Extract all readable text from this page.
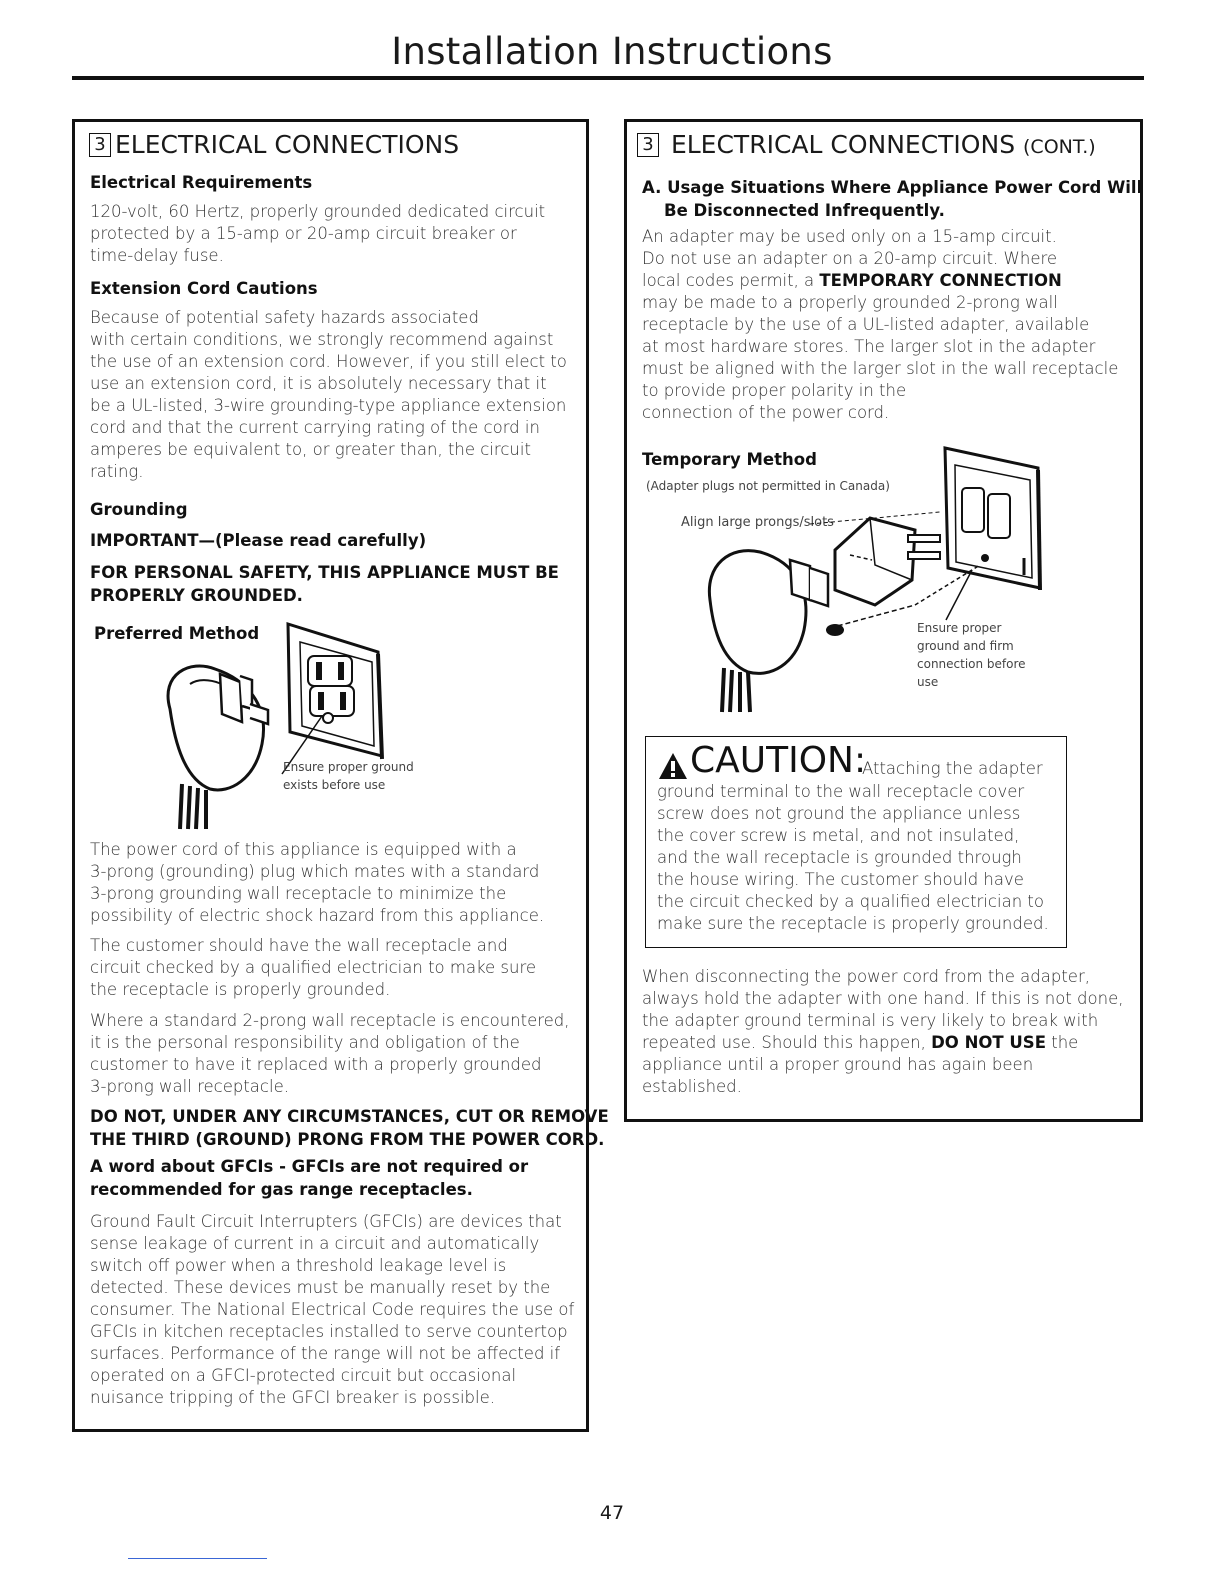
Installation Instructions
3 ELECTRICAL CONNECTIONS
Electrical Requirements
120-volt, 60 Hertz, properly grounded dedicated circuit
protected by a 15-amp or 20-amp circuit breaker or
time-delay fuse.
Extension Cord Cautions
Because of potential safety hazards associated
with certain conditions, we strongly recommend against
the use of an extension cord. However, if you still elect to
use an extension cord, it is absolutely necessary that it
be a UL-listed, 3-wire grounding-type appliance extension
cord and that the current carrying rating of the cord in
amperes be equivalent to, or greater than, the circuit
rating.
Grounding
IMPORTANT—(Please read carefully)
FOR PERSONAL SAFETY, THIS APPLIANCE MUST BE
PROPERLY GROUNDED.
Preferred Method
Ensure proper ground
exists before use
The power cord of this appliance is equipped with a
3-prong (grounding) plug which mates with a standard
3-prong grounding wall receptacle to minimize the
possibility of electric shock hazard from this appliance.
The customer should have the wall receptacle and
circuit checked by a qualified electrician to make sure
the receptacle is properly grounded.
Where a standard 2-prong wall receptacle is encountered,
it is the personal responsibility and obligation of the
customer to have it replaced with a properly grounded
3-prong wall receptacle.
DO NOT, UNDER ANY CIRCUMSTANCES, CUT OR REMOVE
THE THIRD (GROUND) PRONG FROM THE POWER CORD.
A word about GFCIs - GFCIs are not required or
recommended for gas range receptacles.
Ground Fault Circuit Interrupters (GFCIs) are devices that
sense leakage of current in a circuit and automatically
switch off power when a threshold leakage level is
detected. These devices must be manually reset by the
consumer. The National Electrical Code requires the use of
GFCIs in kitchen receptacles installed to serve countertop
surfaces. Performance of the range will not be affected if
operated on a GFCI-protected circuit but occasional
nuisance tripping of the GFCI breaker is possible.
3 ELECTRICAL CONNECTIONS (CONT.)
A. Usage Situations Where Appliance Power Cord Will
Be Disconnected Infrequently.
An adapter may be used only on a 15-amp circuit.
Do not use an adapter on a 20-amp circuit. Where
local codes permit, a TEMPORARY CONNECTION
may be made to a properly grounded 2-prong wall
receptacle by the use of a UL-listed adapter, available
at most hardware stores. The larger slot in the adapter
must be aligned with the larger slot in the wall receptacle
to provide proper polarity in the
connection of the power cord.
Temporary Method
(Adapter plugs not permitted in Canada)
Align large prongs/slots
Ensure proper
ground and firm
connection before
use
CAUTION:
Attaching the adapter
ground terminal to the wall receptacle cover
screw does not ground the appliance unless
the cover screw is metal, and not insulated,
and the wall receptacle is grounded through
the house wiring. The customer should have
the circuit checked by a qualified electrician to
make sure the receptacle is properly grounded.
When disconnecting the power cord from the adapter,
always hold the adapter with one hand. If this is not done,
the adapter ground terminal is very likely to break with
repeated use. Should this happen, DO NOT USE the
appliance until a proper ground has again been
established.
47
